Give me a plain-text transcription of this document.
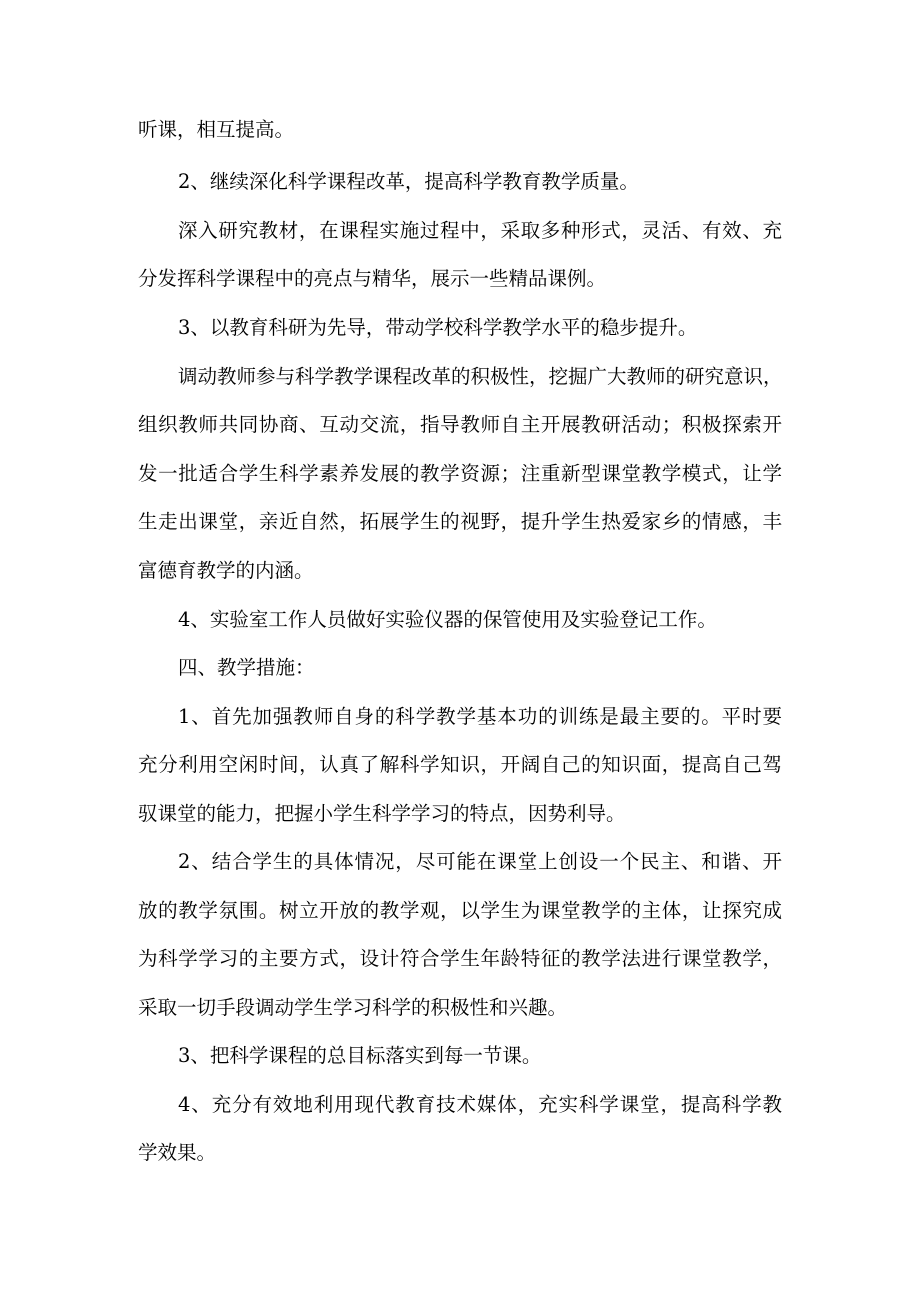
听课，相互提高。
2、继续深化科学课程改革，提高科学教育教学质量。
深入研究教材，在课程实施过程中，采取多种形式，灵活、有效、充
分发挥科学课程中的亮点与精华，展示一些精品课例。
3、以教育科研为先导，带动学校科学教学水平的稳步提升。
调动教师参与科学教学课程改革的积极性，挖掘广大教师的研究意识，
组织教师共同协商、互动交流，指导教师自主开展教研活动；积极探索开
发一批适合学生科学素养发展的教学资源；注重新型课堂教学模式，让学
生走出课堂，亲近自然，拓展学生的视野，提升学生热爱家乡的情感，丰
富德育教学的内涵。
4、实验室工作人员做好实验仪器的保管使用及实验登记工作。
四、教学措施：
1、首先加强教师自身的科学教学基本功的训练是最主要的。平时要
充分利用空闲时间，认真了解科学知识，开阔自己的知识面，提高自己驾
驭课堂的能力，把握小学生科学学习的特点，因势利导。
2、结合学生的具体情况，尽可能在课堂上创设一个民主、和谐、开
放的教学氛围。树立开放的教学观，以学生为课堂教学的主体，让探究成
为科学学习的主要方式，设计符合学生年龄特征的教学法进行课堂教学，
采取一切手段调动学生学习科学的积极性和兴趣。
3、把科学课程的总目标落实到每一节课。
4、充分有效地利用现代教育技术媒体，充实科学课堂，提高科学教
学效果。
